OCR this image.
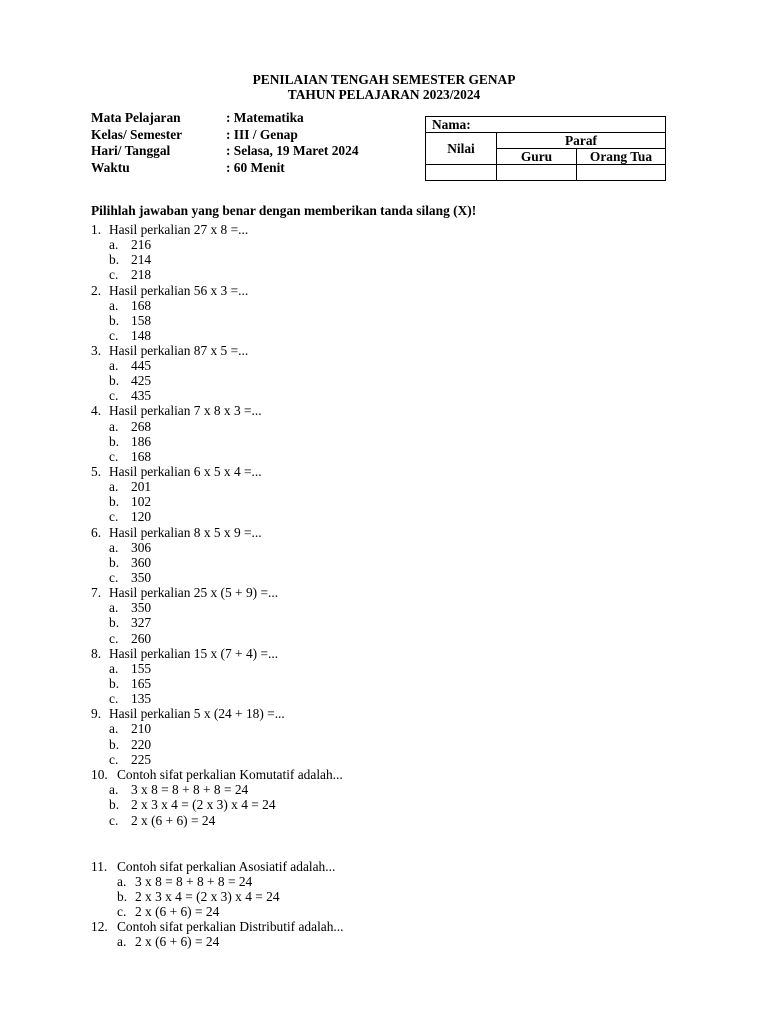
PENILAIAN TENGAH SEMESTER GENAP
TAHUN PELAJARAN 2023/2024
Mata Pelajaran	: Matematika
Kelas/ Semester	: III / Genap
Hari/ Tanggal	: Selasa, 19 Maret 2024
Waktu	: 60 Menit
Nama:		
Nilai	Paraf	
	Guru	Orang Tua

Pilihlah jawaban yang benar dengan memberikan tanda silang (X)!
1. Hasil perkalian 27 x 8 =...
a. 216
b. 214
c. 218
2. Hasil perkalian 56 x 3 =...
a. 168
b. 158
c. 148
3. Hasil perkalian 87 x 5 =...
a. 445
b. 425
c. 435
4. Hasil perkalian 7 x 8 x 3 =...
a. 268
b. 186
c. 168
5. Hasil perkalian 6 x 5 x 4 =...
a. 201
b. 102
c. 120
6. Hasil perkalian 8 x 5 x 9 =...
a. 306
b. 360
c. 350
7. Hasil perkalian 25 x (5 + 9) =...
a. 350
b. 327
c. 260
8. Hasil perkalian 15 x (7 + 4) =...
a. 155
b. 165
c. 135
9. Hasil perkalian 5 x (24 + 18) =...
a. 210
b. 220
c. 225
10. Contoh sifat perkalian Komutatif adalah...
a. 3 x 8 = 8 + 8 + 8 = 24
b. 2 x 3 x 4 = (2 x 3) x 4 = 24
c. 2 x (6 + 6) = 24
11. Contoh sifat perkalian Asosiatif adalah...
a. 3 x 8 = 8 + 8 + 8 = 24
b. 2 x 3 x 4 = (2 x 3) x 4 = 24
c. 2 x (6 + 6) = 24
12. Contoh sifat perkalian Distributif adalah...
a. 2 x (6 + 6) = 24
